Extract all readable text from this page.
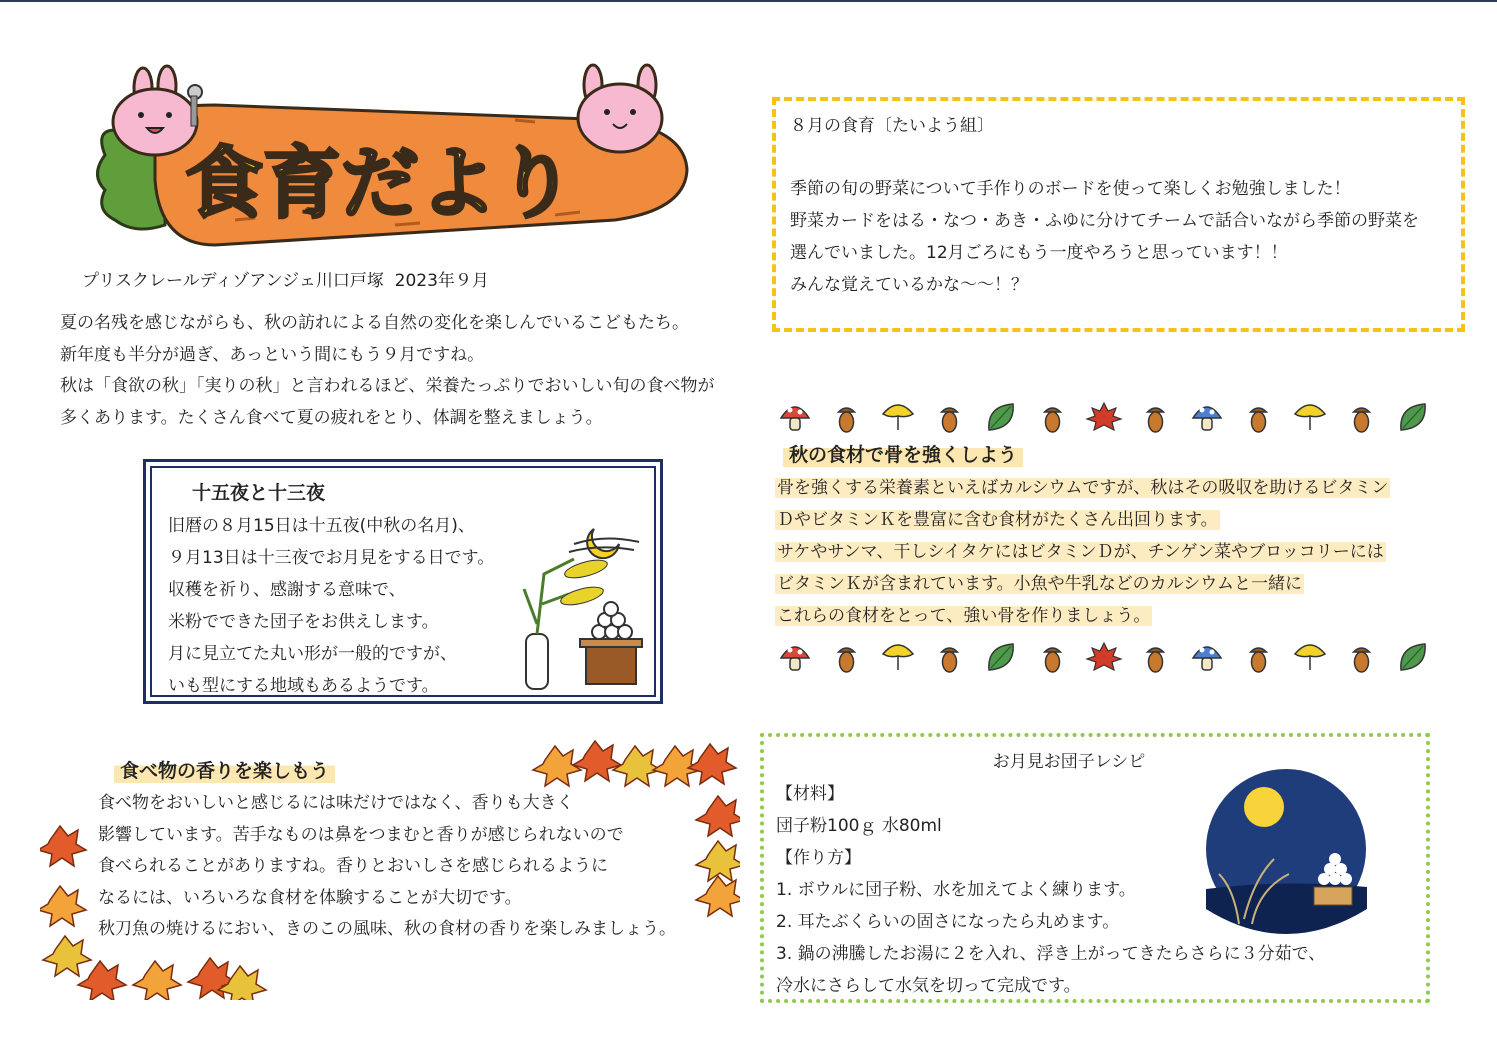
食育だより

プリスクレールディゾアンジェ川口戸塚 2023年９月

夏の名残を感じながらも、秋の訪れによる自然の変化を楽しんでいるこどもたち。

新年度も半分が過ぎ、あっという間にもう９月ですね。

秋は「食欲の秋」「実りの秋」と言われるほど、栄養たっぷりでおいしい旬の食べ物が

多くあります。たくさん食べて夏の疲れをとり、体調を整えましょう。

十五夜と十三夜
旧暦の８月15日は十五夜(中秋の名月)、
９月13日は十三夜でお月見をする日です。
収穫を祈り、感謝する意味で、
米粉でできた団子をお供えします。
月に見立てた丸い形が一般的ですが、
いも型にする地域もあるようです。
食べ物の香りを楽しもう

食べ物をおいしいと感じるには味だけではなく、香りも大きく

影響しています。苦手なものは鼻をつまむと香りが感じられないので

食べられることがありますね。香りとおいしさを感じられるように

なるには、いろいろな食材を体験することが大切です。

秋刀魚の焼けるにおい、きのこの風味、秋の食材の香りを楽しみましょう。

８月の食育〔たいよう組〕
季節の旬の野菜について手作りのボードを使って楽しくお勉強しました！
野菜カードをはる・なつ・あき・ふゆに分けてチームで話合いながら季節の野菜を
選んでいました。12月ごろにもう一度やろうと思っています！！
みんな覚えているかな～～！？
秋の食材で骨を強くしよう
骨を強くする栄養素といえばカルシウムですが、秋はその吸収を助けるビタミン
ＤやビタミンＫを豊富に含む食材がたくさん出回ります。
サケやサンマ、干しシイタケにはビタミンＤが、チンゲン菜やブロッコリーには
ビタミンＫが含まれています。小魚や牛乳などのカルシウムと一緒に
これらの食材をとって、強い骨を作りましょう。
お月見お団子レシピ
【材料】
団子粉100ｇ 水80ml
【作り方】
1. ボウルに団子粉、水を加えてよく練ります。
2. 耳たぶくらいの固さになったら丸めます。
3. 鍋の沸騰したお湯に２を入れ、浮き上がってきたらさらに３分茹で、
冷水にさらして水気を切って完成です。
